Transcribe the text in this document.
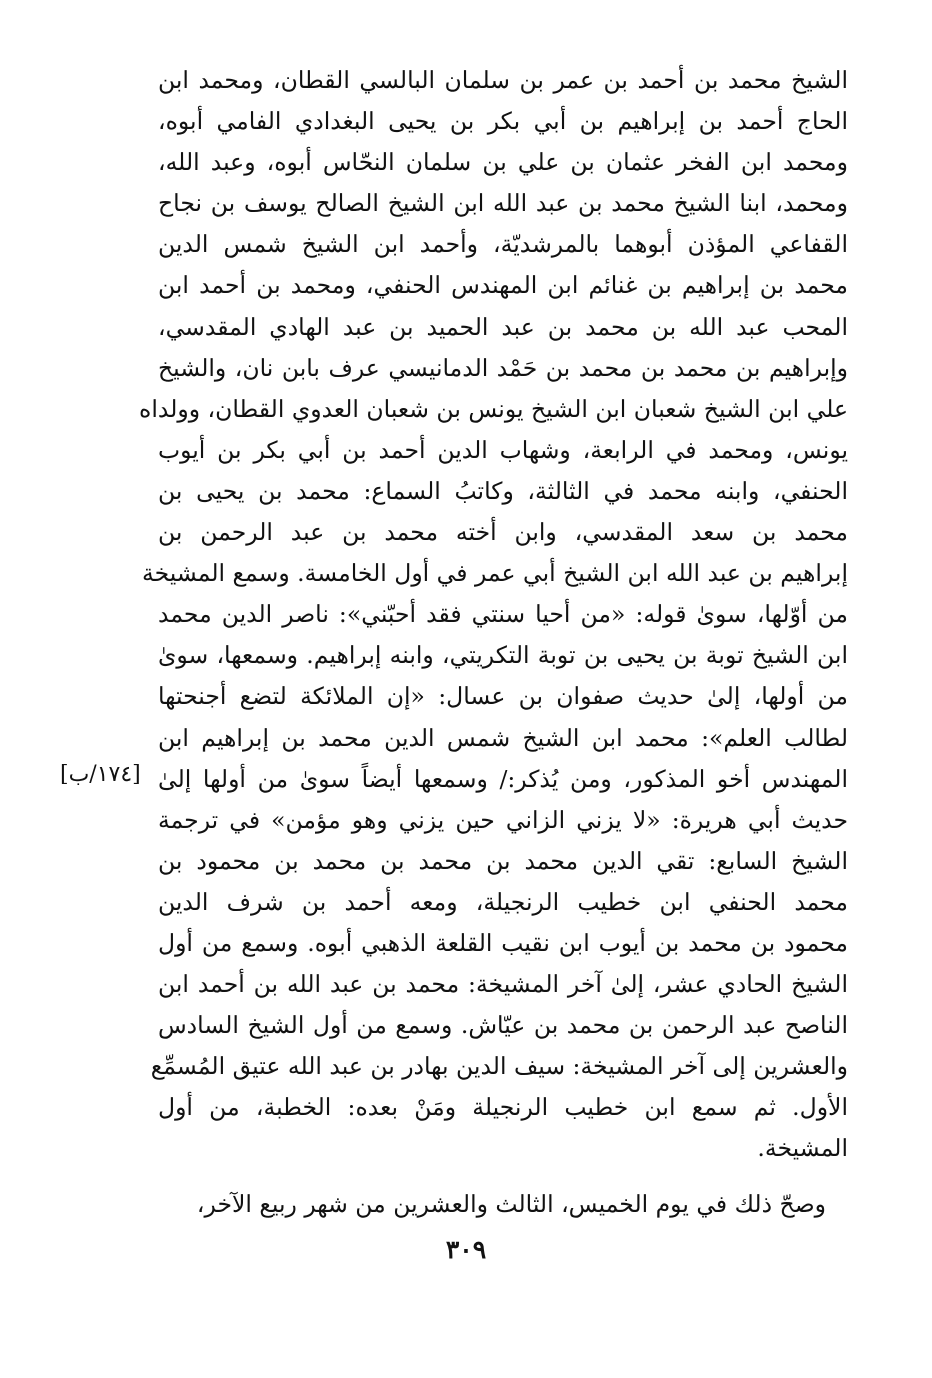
الشيخ محمد بن أحمد بن عمر بن سلمان البالسي القطان، ومحمد ابن
الحاج أحمد بن إبراهيم بن أبي بكر بن يحيى البغدادي الفامي أبوه،
ومحمد ابن الفخر عثمان بن علي بن سلمان النحّاس أبوه، وعبد الله،
ومحمد، ابنا الشيخ محمد بن عبد الله ابن الشيخ الصالح يوسف بن نجاح
القفاعي المؤذن أبوهما بالمرشديّة، وأحمد ابن الشيخ شمس الدين
محمد بن إبراهيم بن غنائم ابن المهندس الحنفي، ومحمد بن أحمد ابن
المحب عبد الله بن محمد بن عبد الحميد بن عبد الهادي المقدسي،
وإبراهيم بن محمد بن محمد بن حَمْد الدمانيسي عرف بابن نان، والشيخ
علي ابن الشيخ شعبان ابن الشيخ يونس بن شعبان العدوي القطان، وولداه
يونس، ومحمد في الرابعة، وشهاب الدين أحمد بن أبي بكر بن أيوب
الحنفي، وابنه محمد في الثالثة، وكاتبُ السماع: محمد بن يحيى بن
محمد بن سعد المقدسي، وابن أخته محمد بن عبد الرحمن بن
إبراهيم بن عبد الله ابن الشيخ أبي عمر في أول الخامسة. وسمع المشيخة
من أوّلها، سوىٰ قوله: «من أحيا سنتي فقد أحبّني»: ناصر الدين محمد
ابن الشيخ توبة بن يحيى بن توبة التكريتي، وابنه إبراهيم. وسمعها، سوىٰ
من أولها، إلىٰ حديث صفوان بن عسال: «إن الملائكة لتضع أجنحتها
لطالب العلم»: محمد ابن الشيخ شمس الدين محمد بن إبراهيم ابن
المهندس أخو المذكور، ومن يُذكر:/ وسمعها أيضاً سوىٰ من أولها إلىٰ
حديث أبي هريرة: «لا يزني الزاني حين يزني وهو مؤمن» في ترجمة
الشيخ السابع: تقي الدين محمد بن محمد بن محمد بن محمود بن
محمد الحنفي ابن خطيب الرنجيلة، ومعه أحمد بن شرف الدين
محمود بن محمد بن أيوب ابن نقيب القلعة الذهبي أبوه. وسمع من أول
الشيخ الحادي عشر، إلىٰ آخر المشيخة: محمد بن عبد الله بن أحمد ابن
الناصح عبد الرحمن بن محمد بن عيّاش. وسمع من أول الشيخ السادس
والعشرين إلى آخر المشيخة: سيف الدين بهادر بن عبد الله عتيق المُسمِّع
الأول. ثم سمع ابن خطيب الرنجيلة ومَنْ بعده: الخطبة، من أول
المشيخة.
[١٧٤/ب]
وصحّ ذلك في يوم الخميس، الثالث والعشرين من شهر ربيع الآخر،
٣٠٩
